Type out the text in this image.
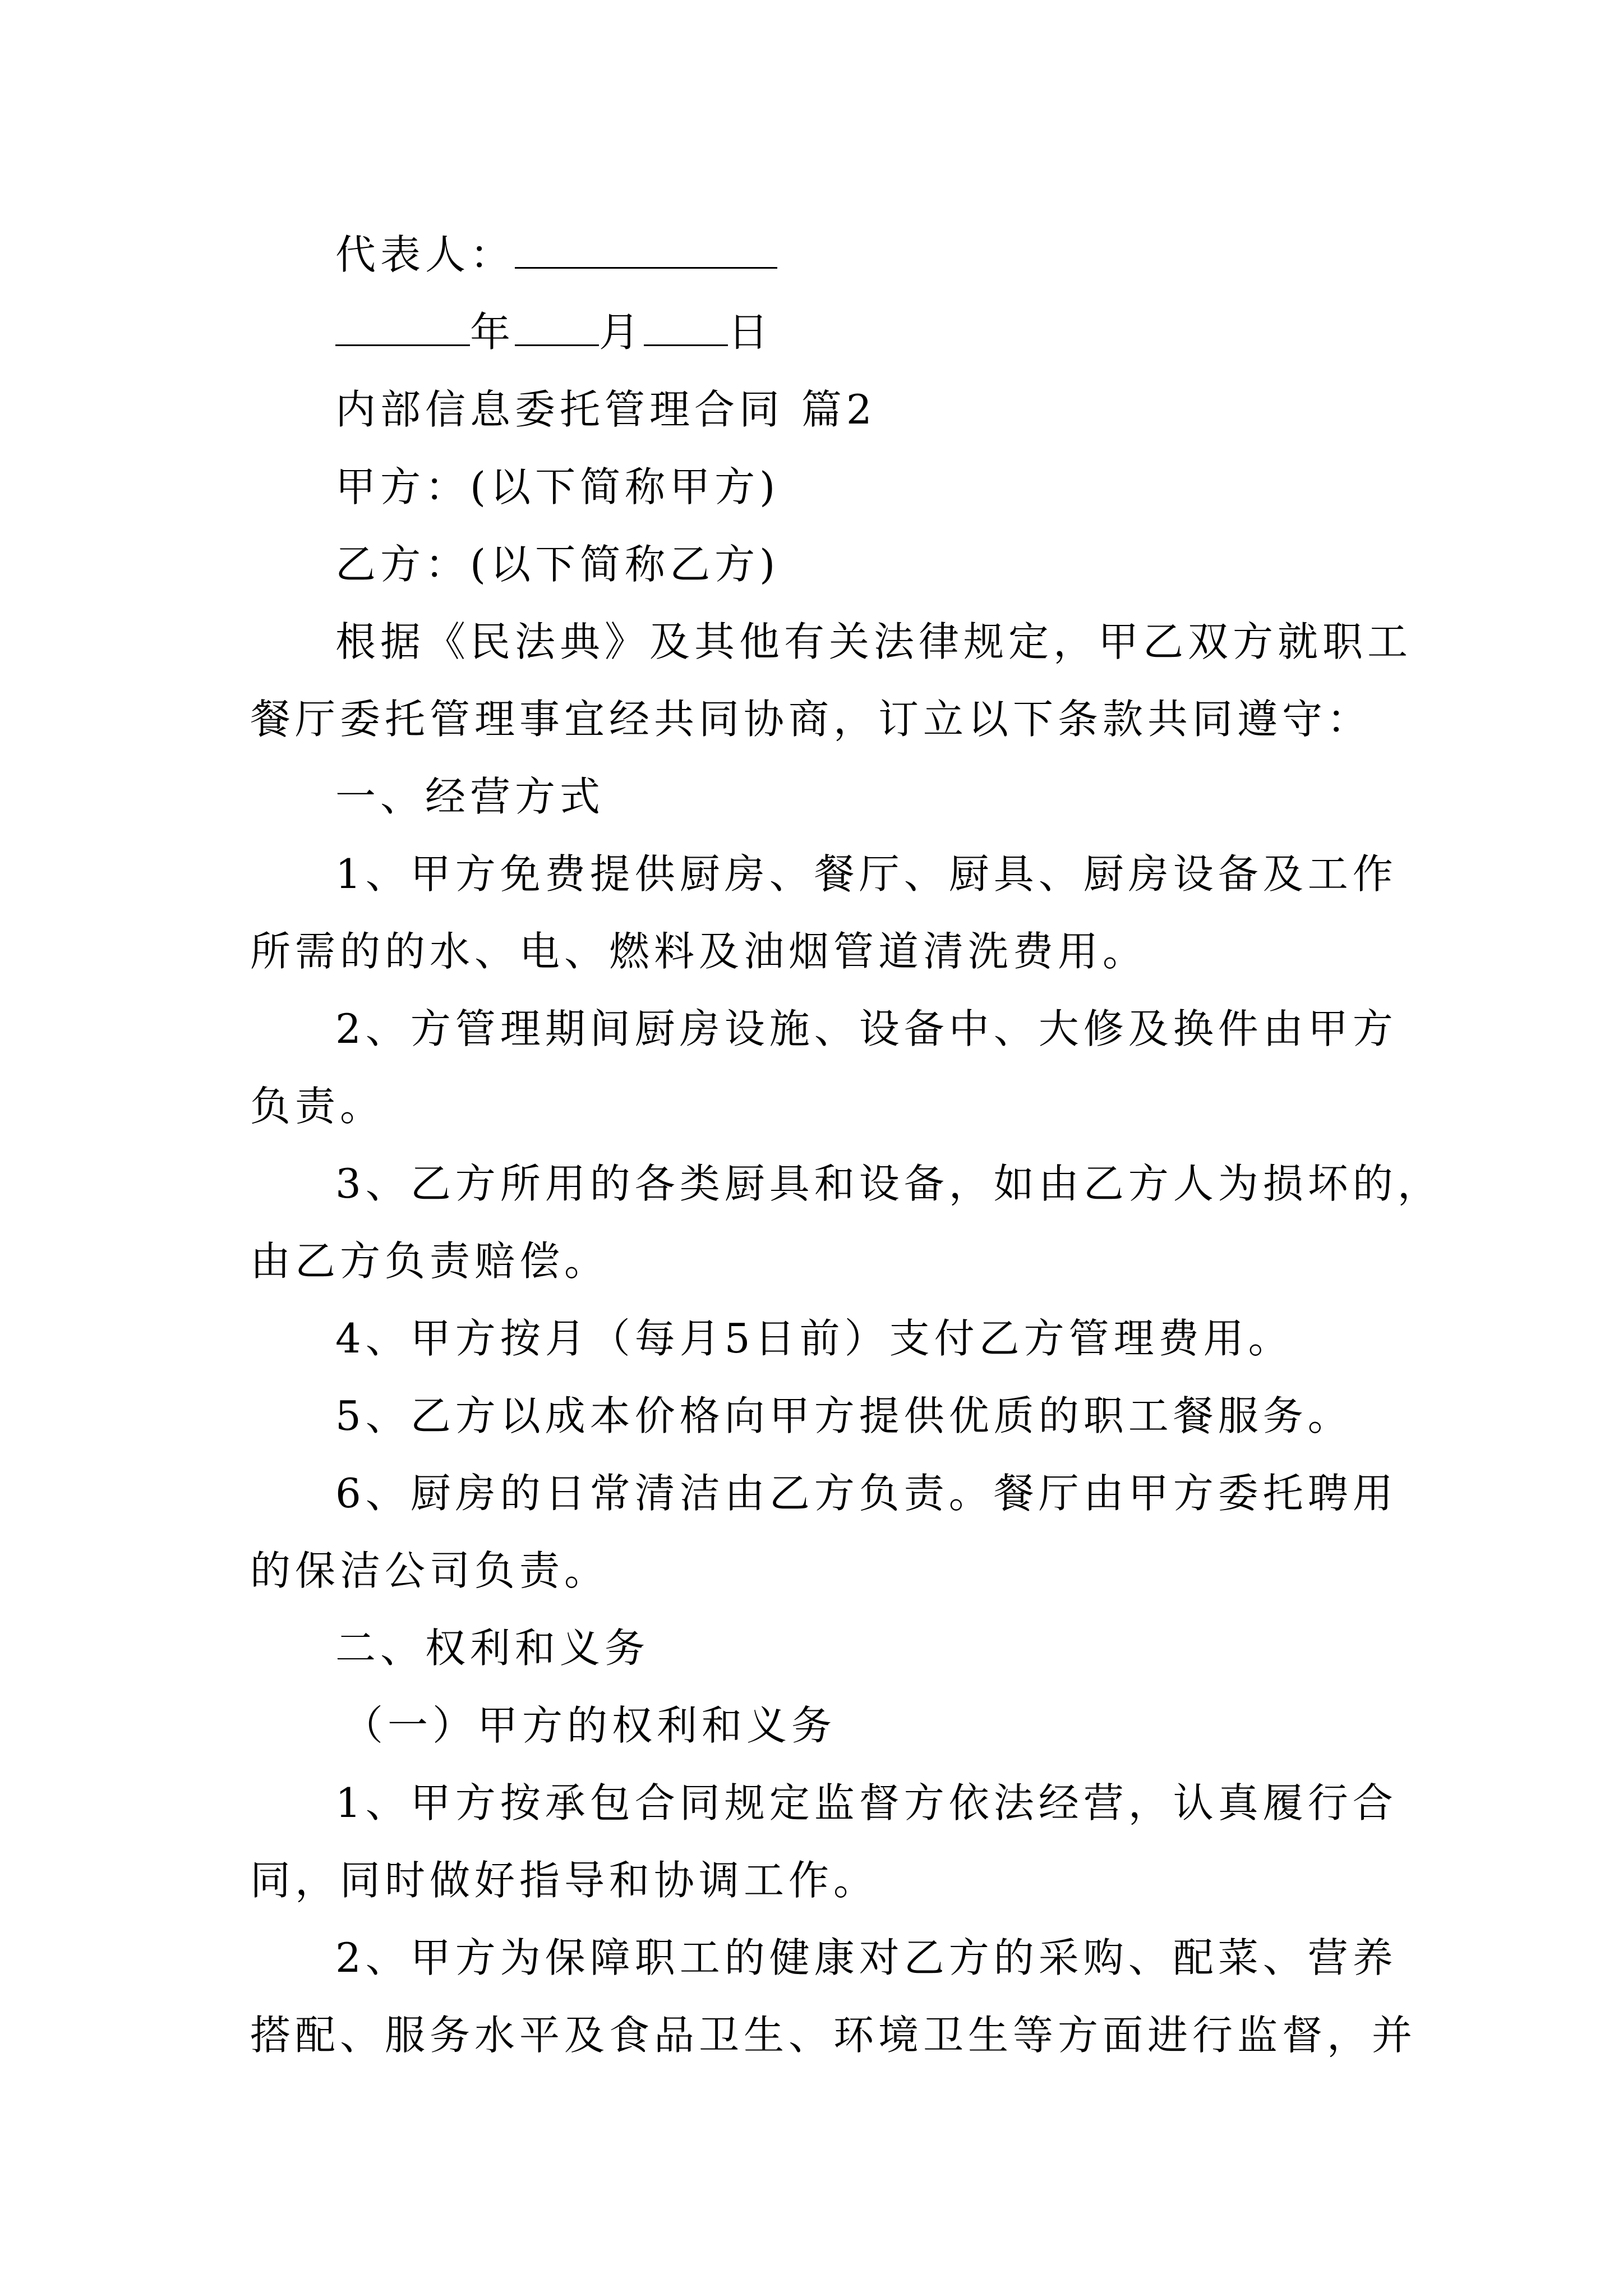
代表人：
年 月 日
内部信息委托管理合同 篇2
甲方：(以下简称甲方)
乙方：(以下简称乙方)
根据《民法典》及其他有关法律规定，甲乙双方就职工
餐厅委托管理事宜经共同协商，订立以下条款共同遵守：
一、经营方式
1、甲方免费提供厨房、餐厅、厨具、厨房设备及工作
所需的的水、电、燃料及油烟管道清洗费用。
2、方管理期间厨房设施、设备中、大修及换件由甲方
负责。
3、乙方所用的各类厨具和设备，如由乙方人为损坏的，
由乙方负责赔偿。
4、甲方按月（每月5日前）支付乙方管理费用。
5、乙方以成本价格向甲方提供优质的职工餐服务。
6、厨房的日常清洁由乙方负责。餐厅由甲方委托聘用
的保洁公司负责。
二、权利和义务
（一）甲方的权利和义务
1、甲方按承包合同规定监督方依法经营，认真履行合
同，同时做好指导和协调工作。
2、甲方为保障职工的健康对乙方的采购、配菜、营养
搭配、服务水平及食品卫生、环境卫生等方面进行监督，并
